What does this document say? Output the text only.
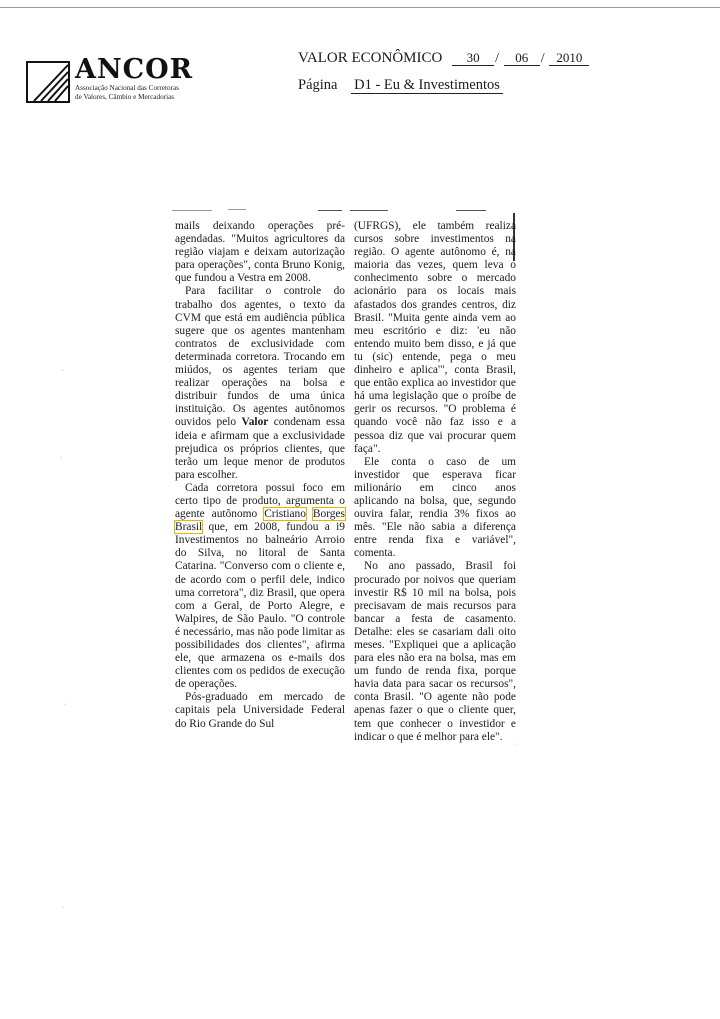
ANCOR
Associação Nacional das Corretoras
de Valores, Câmbio e Mercadorias
VALOR ECONÔMICO 30 / 06 / 2010
Página D1 - Eu & Investimentos

mails deixando operações pré-agendadas. "Muitos agricultores da região viajam e deixam autorização para operações", conta Bruno Konig, que fundou a Vestra em 2008.

Para facilitar o controle do trabalho dos agentes, o texto da CVM que está em audiência pública sugere que os agentes mantenham contratos de exclusividade com determinada corretora. Trocando em miúdos, os agentes teriam que realizar operações na bolsa e distribuir fundos de uma única instituição. Os agentes autônomos ouvidos pelo Valor condenam essa ideia e afirmam que a exclusividade prejudica os próprios clientes, que terão um leque menor de produtos para escolher.

Cada corretora possui foco em certo tipo de produto, argumenta o agente autônomo Cristiano Borges Brasil que, em 2008, fundou a i9 Investimentos no balneário Arroio do Silva, no litoral de Santa Catarina. "Converso com o cliente e, de acordo com o perfil dele, indico uma corretora", diz Brasil, que opera com a Geral, de Porto Alegre, e Walpires, de São Paulo. "O controle é necessário, mas não pode limitar as possibilidades dos clientes", afirma ele, que armazena os e-mails dos clientes com os pedidos de execução de operações.

Pós-graduado em mercado de capitais pela Universidade Federal do Rio Grande do Sul

(UFRGS), ele também realiza cursos sobre investimentos na região. O agente autônomo é, na maioria das vezes, quem leva o conhecimento sobre o mercado acionário para os locais mais afastados dos grandes centros, diz Brasil. "Muita gente ainda vem ao meu escritório e diz: 'eu não entendo muito bem disso, e já que tu (sic) entende, pega o meu dinheiro e aplica'", conta Brasil, que então explica ao investidor que há uma legislação que o proíbe de gerir os recursos. "O problema é quando você não faz isso e a pessoa diz que vai procurar quem faça".

Ele conta o caso de um investidor que esperava ficar milionário em cinco anos aplicando na bolsa, que, segundo ouvira falar, rendia 3% fixos ao mês. "Ele não sabia a diferença entre renda fixa e variável", comenta.

No ano passado, Brasil foi procurado por noivos que queriam investir R$ 10 mil na bolsa, pois precisavam de mais recursos para bancar a festa de casamento. Detalhe: eles se casariam dali oito meses. "Expliquei que a aplicação para eles não era na bolsa, mas em um fundo de renda fixa, porque havia data para sacar os recursos", conta Brasil. "O agente não pode apenas fazer o que o cliente quer, tem que conhecer o investidor e indicar o que é melhor para ele".

·
·
·
·
·
